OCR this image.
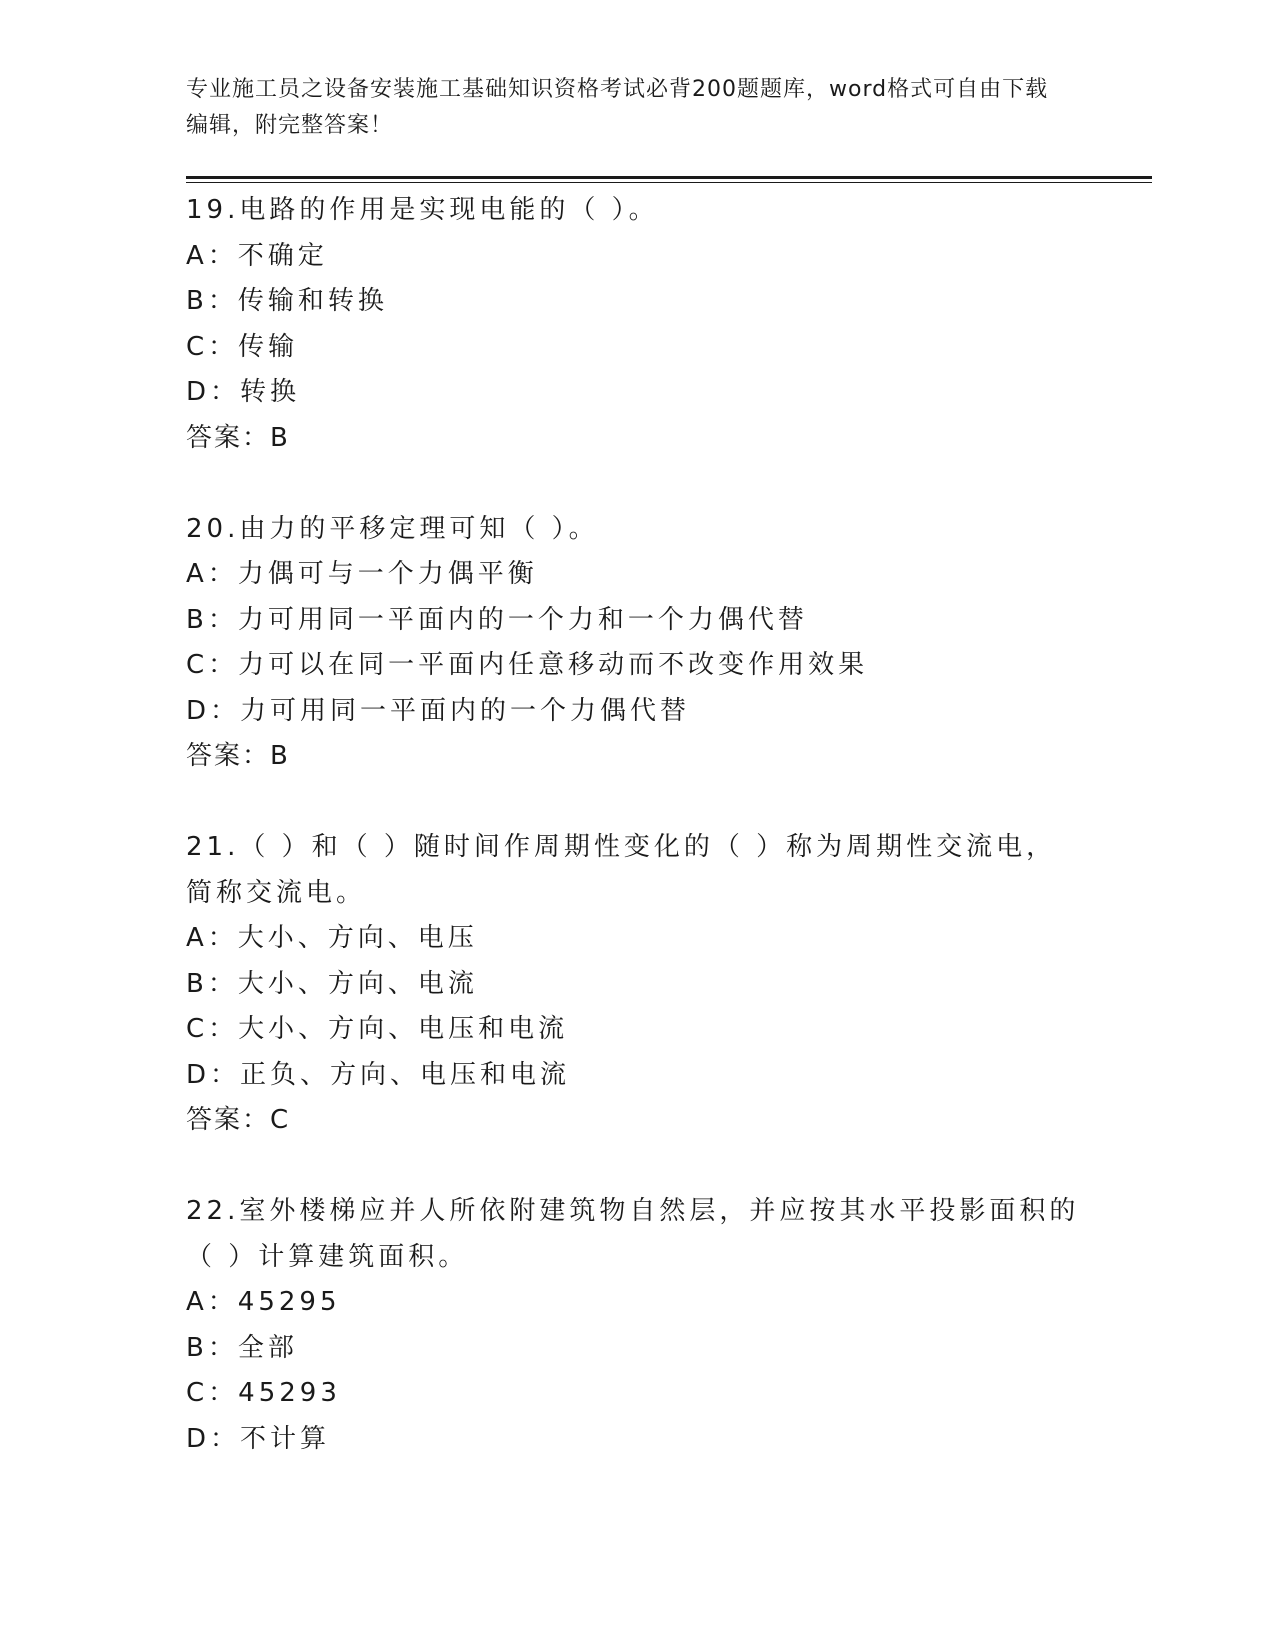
专业施工员之设备安装施工基础知识资格考试必背200题题库，word格式可自由下载编辑，附完整答案！
19.电路的作用是实现电能的（ ）。
A：不确定
B：传输和转换
C：传输
D：转换
答案：B
20.由力的平移定理可知（ ）。
A：力偶可与一个力偶平衡
B：力可用同一平面内的一个力和一个力偶代替
C：力可以在同一平面内任意移动而不改变作用效果
D：力可用同一平面内的一个力偶代替
答案：B
21.（ ）和（ ）随时间作周期性变化的（ ）称为周期性交流电，简称交流电。
A：大小、方向、电压
B：大小、方向、电流
C：大小、方向、电压和电流
D：正负、方向、电压和电流
答案：C
22.室外楼梯应并人所依附建筑物自然层，并应按其水平投影面积的（ ）计算建筑面积。
A：45295
B：全部
C：45293
D：不计算
